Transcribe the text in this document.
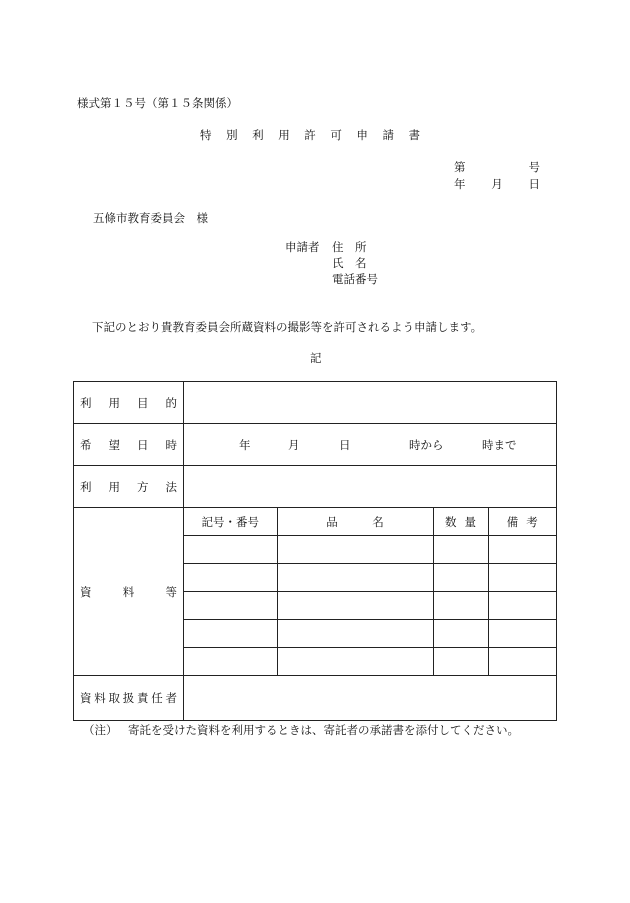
様式第１５号（第１５条関係）
特 別 利 用 許 可 申 請 書
第	号
年 月 日
五條市教育委員会　様
申請者 住　所
氏　名
電話番号
下記のとおり貴教育委員会所蔵資料の撮影等を許可されるよう申請します。
記
利 用 目 的

希 望 日 時	年	月	日	時から	時まで

利 用 方 法

資	料	等

記号・番号	品　　　名	数量	備考

資 料 取 扱 責 任 者

（注） 寄託を受けた資料を利用するときは、寄託者の承諾書を添付してください。
